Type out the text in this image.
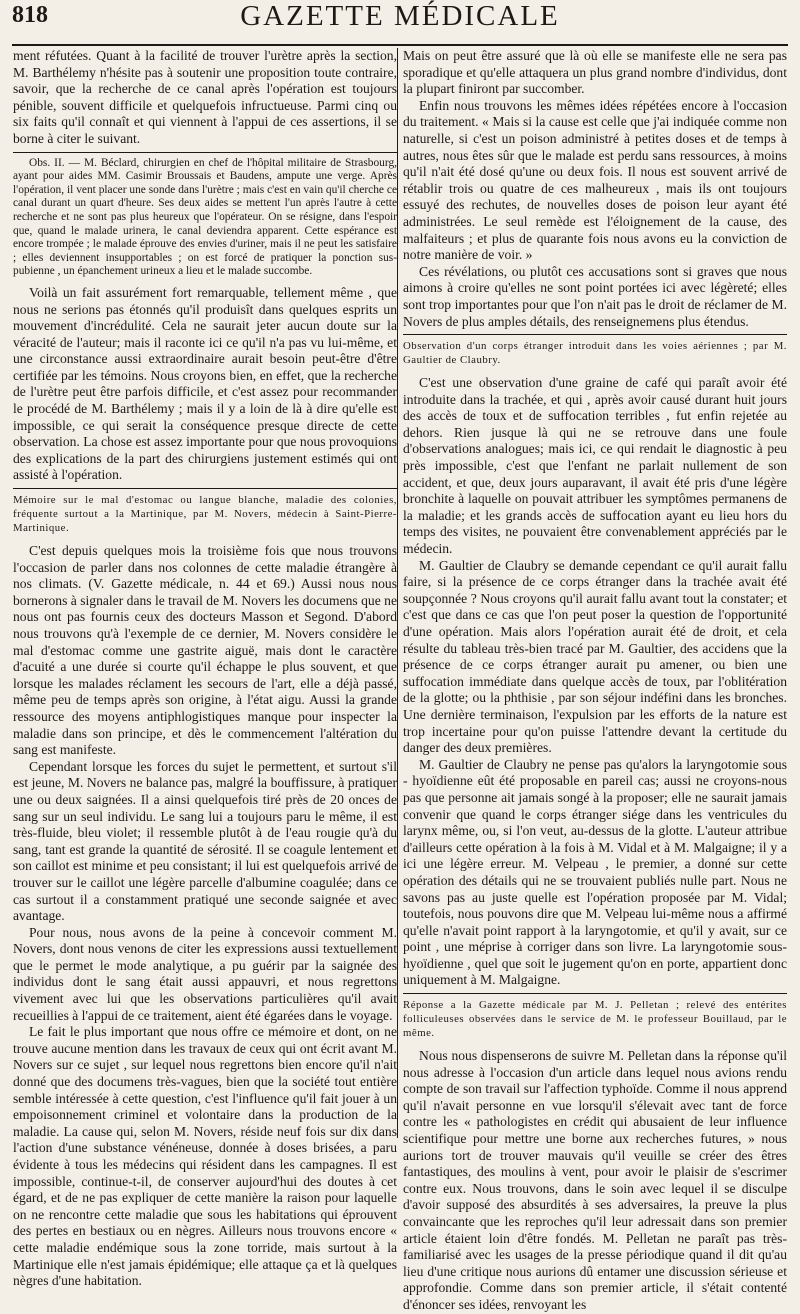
818	GAZETTE MÉDICALE

ment réfutées. Quant à la facilité de trouver l'urètre après la section, M. Barthélemy n'hésite pas à soutenir une proposition toute contraire, savoir, que la recherche de ce canal après l'opération est toujours pénible, souvent difficile et quelquefois infructueuse. Parmi cinq ou six faits qu'il connaît et qui viennent à l'appui de ces assertions, il se borne à citer le suivant.

Obs. II. — M. Béclard, chirurgien en chef de l'hôpital militaire de Strasbourg, ayant pour aides MM. Casimir Broussais et Baudens, ampute une verge. Après l'opération, il vent placer une sonde dans l'urètre ; mais c'est en vain qu'il cherche ce canal durant un quart d'heure. Ses deux aides se mettent l'un après l'autre à cette recherche et ne sont pas plus heureux que l'opérateur. On se résigne, dans l'espoir que, quand le malade urinera, le canal deviendra apparent. Cette espérance est encore trompée ; le malade éprouve des envies d'uriner, mais il ne peut les satisfaire ; elles deviennent insupportables ; on est forcé de pratiquer la ponction sus-pubienne , un épanchement urineux a lieu et le malade succombe.

Voilà un fait assurément fort remarquable, tellement même , que nous ne serions pas étonnés qu'il produisît dans quelques esprits un mouvement d'incrédulité. Cela ne saurait jeter aucun doute sur la véracité de l'auteur; mais il raconte ici ce qu'il n'a pas vu lui-même, et une circonstance aussi extraordinaire aurait besoin peut-être d'être certifiée par les témoins. Nous croyons bien, en effet, que la recherche de l'urètre peut être parfois difficile, et c'est assez pour recommander le procédé de M. Barthélemy ; mais il y a loin de là à dire qu'elle est impossible, ce qui serait la conséquence presque directe de cette observation. La chose est assez importante pour que nous provoquions des explications de la part des chirurgiens justement estimés qui ont assisté à l'opération.

Mémoire sur le mal d'estomac ou langue blanche, maladie des colonies, fréquente surtout a la Martinique, par M. Novers, médecin à Saint-Pierre-Martinique.

C'est depuis quelques mois la troisième fois que nous trouvons l'occasion de parler dans nos colonnes de cette maladie étrangère à nos climats. (V. Gazette médicale, n. 44 et 69.) Aussi nous nous bornerons à signaler dans le travail de M. Novers les documens que ne nous ont pas fournis ceux des docteurs Masson et Segond. D'abord nous trouvons qu'à l'exemple de ce dernier, M. Novers considère le mal d'estomac comme une gastrite aiguë, mais dont le caractère d'acuité a une durée si courte qu'il échappe le plus souvent, et que lorsque les malades réclament les secours de l'art, elle a déjà passé, même peu de temps après son origine, à l'état aigu. Aussi la grande ressource des moyens antiphlogistiques manque pour inspecter la maladie dans son principe, et dès le commencement l'altération du sang est manifeste.

Cependant lorsque les forces du sujet le permettent, et surtout s'il est jeune, M. Novers ne balance pas, malgré la bouffissure, à pratiquer une ou deux saignées. Il a ainsi quelquefois tiré près de 20 onces de sang sur un seul individu. Le sang lui a toujours paru le même, il est très-fluide, bleu violet; il ressemble plutôt à de l'eau rougie qu'à du sang, tant est grande la quantité de sérosité. Il se coagule lentement et son caillot est minime et peu consistant; il lui est quelquefois arrivé de trouver sur le caillot une légère parcelle d'albumine coagulée; dans ce cas surtout il a constamment pratiqué une seconde saignée et avec avantage.

Pour nous, nous avons de la peine à concevoir comment M. Novers, dont nous venons de citer les expressions aussi textuellement que le permet le mode analytique, a pu guérir par la saignée des individus dont le sang était aussi appauvri, et nous regrettons vivement avec lui que les observations particulières qu'il avait recueillies à l'appui de ce traitement, aient été égarées dans le voyage.

Le fait le plus important que nous offre ce mémoire et dont, on ne trouve aucune mention dans les travaux de ceux qui ont écrit avant M. Novers sur ce sujet , sur lequel nous regrettons bien encore qu'il n'ait donné que des documens très-vagues, bien que la société tout entière semble intéressée à cette question, c'est l'influence qu'il fait jouer à un empoisonnement criminel et volontaire dans la production de la maladie. La cause qui, selon M. Novers, réside neuf fois sur dix dans l'action d'une substance vénéneuse, donnée à doses brisées, a paru évidente à tous les médecins qui résident dans les campagnes. Il est impossible, continue-t-il, de conserver aujourd'hui des doutes à cet égard, et de ne pas expliquer de cette manière la raison pour laquelle on ne rencontre cette maladie que sous les habitations qui éprouvent des pertes en bestiaux ou en nègres. Ailleurs nous trouvons encore « cette maladie endémique sous la zone torride, mais surtout à la Martinique elle n'est jamais épidémique; elle attaque ça et là quelques nègres d'une habitation.

Mais on peut être assuré que là où elle se manifeste elle ne sera pas sporadique et qu'elle attaquera un plus grand nombre d'individus, dont la plupart finiront par succomber.

Enfin nous trouvons les mêmes idées répétées encore à l'occasion du traitement. « Mais si la cause est celle que j'ai indiquée comme non naturelle, si c'est un poison administré à petites doses et de temps à autres, nous êtes sûr que le malade est perdu sans ressources, à moins qu'il n'ait été dosé qu'une ou deux fois. Il nous est souvent arrivé de rétablir trois ou quatre de ces malheureux , mais ils ont toujours essuyé des rechutes, de nouvelles doses de poison leur ayant été administrées. Le seul remède est l'éloignement de la cause, des malfaiteurs ; et plus de quarante fois nous avons eu la conviction de notre manière de voir. »

Ces révélations, ou plutôt ces accusations sont si graves que nous aimons à croire qu'elles ne sont point portées ici avec légèreté; elles sont trop importantes pour que l'on n'ait pas le droit de réclamer de M. Novers de plus amples détails, des renseignemens plus étendus.

Observation d'un corps étranger introduit dans les voies aériennes ; par M. Gaultier de Claubry.

C'est une observation d'une graine de café qui paraît avoir été introduite dans la trachée, et qui , après avoir causé durant huit jours des accès de toux et de suffocation terribles , fut enfin rejetée au dehors. Rien jusque là qui ne se retrouve dans une foule d'observations analogues; mais ici, ce qui rendait le diagnostic à peu près impossible, c'est que l'enfant ne parlait nullement de son accident, et que, deux jours auparavant, il avait été pris d'une légère bronchite à laquelle on pouvait attribuer les symptômes permanens de la maladie; et les grands accès de suffocation ayant eu lieu hors du temps des visites, ne pouvaient être convenablement appréciés par le médecin.

M. Gaultier de Claubry se demande cependant ce qu'il aurait fallu faire, si la présence de ce corps étranger dans la trachée avait été soupçonnée ? Nous croyons qu'il aurait fallu avant tout la constater; et c'est que dans ce cas que l'on peut poser la question de l'opportunité d'une opération. Mais alors l'opération aurait été de droit, et cela résulte du tableau très-bien tracé par M. Gaultier, des accidens que la présence de ce corps étranger aurait pu amener, ou bien une suffocation immédiate dans quelque accès de toux, par l'oblitération de la glotte; ou la phthisie , par son séjour indéfini dans les bronches. Une dernière terminaison, l'expulsion par les efforts de la nature est trop incertaine pour qu'on puisse l'attendre devant la certitude du danger des deux premières.

M. Gaultier de Claubry ne pense pas qu'alors la laryngotomie sous - hyoïdienne eût été proposable en pareil cas; aussi ne croyons-nous pas que personne ait jamais songé à la proposer; elle ne saurait jamais convenir que quand le corps étranger siége dans les ventricules du larynx même, ou, si l'on veut, au-dessus de la glotte. L'auteur attribue d'ailleurs cette opération à la fois à M. Vidal et à M. Malgaigne; il y a ici une légère erreur. M. Velpeau , le premier, a donné sur cette opération des détails qui ne se trouvaient publiés nulle part. Nous ne savons pas au juste quelle est l'opération proposée par M. Vidal; toutefois, nous pouvons dire que M. Velpeau lui-même nous a affirmé qu'elle n'avait point rapport à la laryngotomie, et qu'il y avait, sur ce point , une méprise à corriger dans son livre. La laryngotomie sous-hyoïdienne , quel que soit le jugement qu'on en porte, appartient donc uniquement à M. Malgaigne.

Réponse a la Gazette médicale par M. J. Pelletan ; relevé des entérites folliculeuses observées dans le service de M. le professeur Bouillaud, par le même.

Nous nous dispenserons de suivre M. Pelletan dans la réponse qu'il nous adresse à l'occasion d'un article dans lequel nous avions rendu compte de son travail sur l'affection typhoïde. Comme il nous apprend qu'il n'avait personne en vue lorsqu'il s'élevait avec tant de force contre les « pathologistes en crédit qui abusaient de leur influence scientifique pour mettre une borne aux recherches futures, » nous aurions tort de trouver mauvais qu'il veuille se créer des êtres fantastiques, des moulins à vent, pour avoir le plaisir de s'escrimer contre eux. Nous trouvons, dans le soin avec lequel il se disculpe d'avoir supposé des absurdités à ses adversaires, la preuve la plus convaincante que les reproches qu'il leur adressait dans son premier article étaient loin d'être fondés. M. Pelletan ne paraît pas très-familiarisé avec les usages de la presse périodique quand il dit qu'au lieu d'une critique nous aurions dû entamer une discussion sérieuse et approfondie. Comme dans son premier article, il s'était contenté d'énoncer ses idées, renvoyant les
